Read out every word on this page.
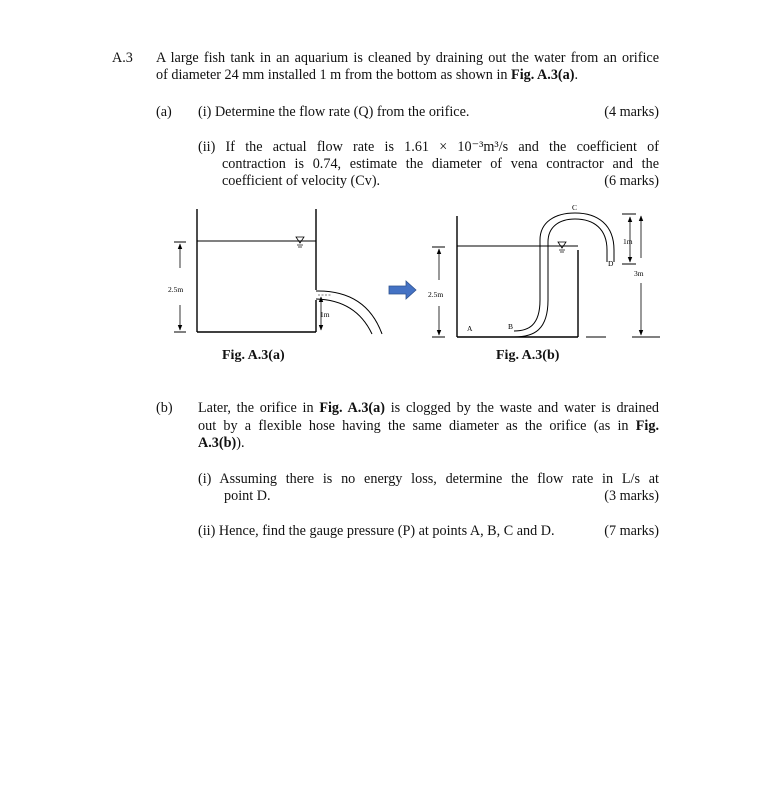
A.3 A large fish tank in an aquarium is cleaned by draining out the water from an orifice
of diameter 24 mm installed 1 m from the bottom as shown in Fig. A.3(a).
(a) (i) Determine the flow rate (Q) from the orifice.	(4 marks)
(ii) If the actual flow rate is 1.61 × 10⁻³m³/s and the coefficient of
contraction is 0.74, estimate the diameter of vena contractor and the
coefficient of velocity (Cv).	(6 marks)
1m
2.5m
A	B
C
D
1m
3m
2.5m
Fig. A.3(a)	Fig. A.3(b)
(b) Later, the orifice in Fig. A.3(a) is clogged by the waste and water is drained
out by a flexible hose having the same diameter as the orifice (as in Fig.
A.3(b)).
(i) Assuming there is no energy loss, determine the flow rate in L/s at
point D.	(3 marks)
(ii) Hence, find the gauge pressure (P) at points A, B, C and D.	(7 marks)
